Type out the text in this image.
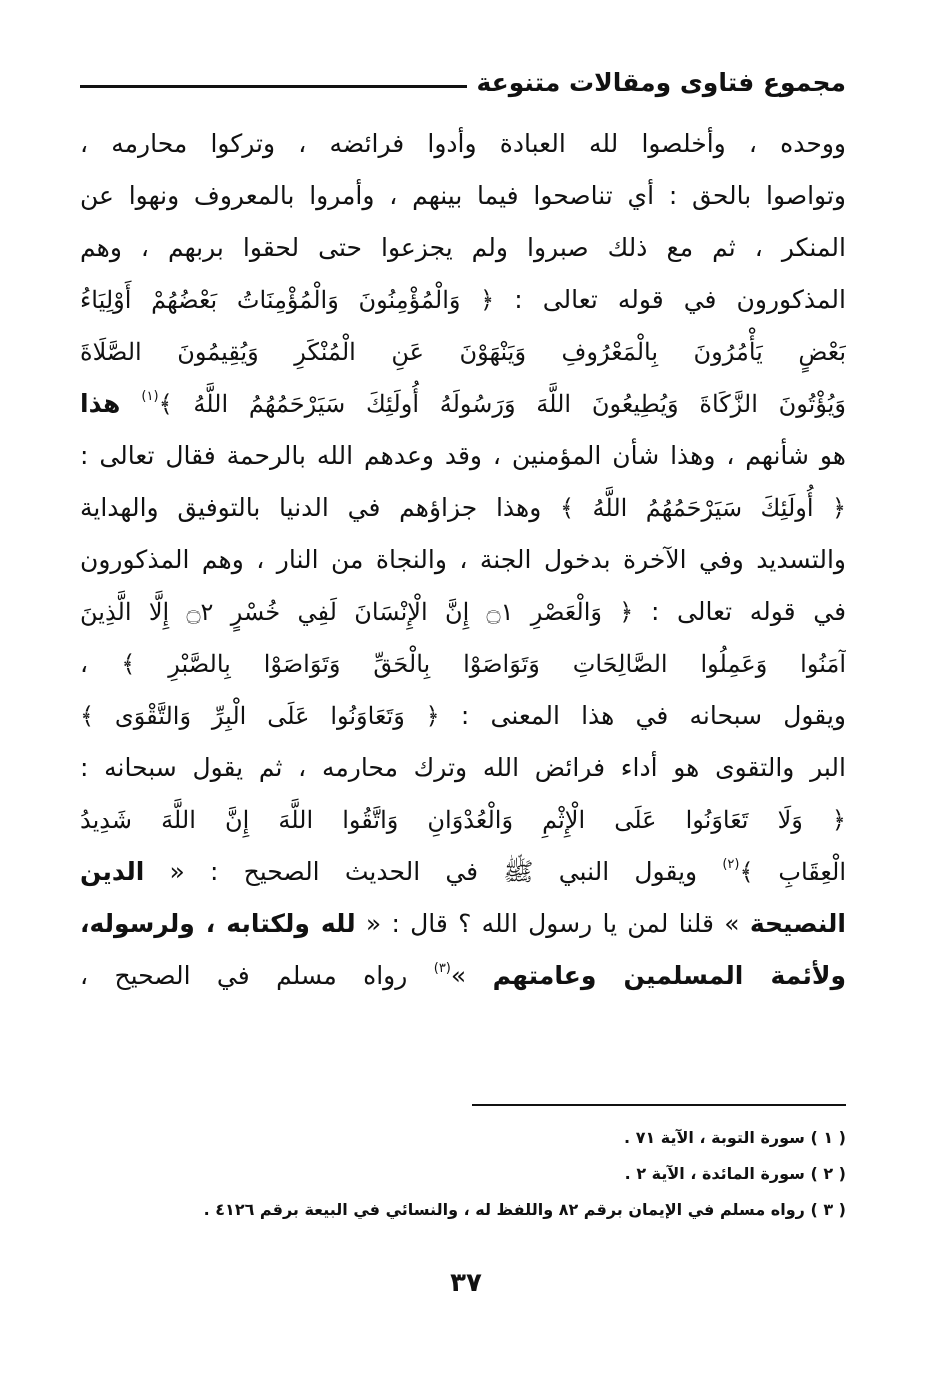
مجموع فتاوى ومقالات متنوعة
ووحده ، وأخلصوا لله العبادة وأدوا فرائضه ، وتركوا محارمه ،
وتواصوا بالحق : أي تناصحوا فيما بينهم ، وأمروا بالمعروف ونهوا عن
المنكر ، ثم مع ذلك صبروا ولم يجزعوا حتى لحقوا بربهم ، وهم
المذكورون في قوله تعالى : ﴿ وَالْمُؤْمِنُونَ وَالْمُؤْمِنَاتُ بَعْضُهُمْ أَوْلِيَاءُ
بَعْضٍ يَأْمُرُونَ بِالْمَعْرُوفِ وَيَنْهَوْنَ عَنِ الْمُنْكَرِ وَيُقِيمُونَ الصَّلَاةَ
وَيُؤْتُونَ الزَّكَاةَ وَيُطِيعُونَ اللَّهَ وَرَسُولَهُ أُولَئِكَ سَيَرْحَمُهُمُ اللَّهُ ﴾$^{(١)}$ هذا
هو شأنهم ، وهذا شأن المؤمنين ، وقد وعدهم الله بالرحمة فقال تعالى :
﴿ أُولَئِكَ سَيَرْحَمُهُمُ اللَّهُ ﴾ وهذا جزاؤهم في الدنيا بالتوفيق والهداية
والتسديد وفي الآخرة بدخول الجنة ، والنجاة من النار ، وهم المذكورون
في قوله تعالى : ﴿ وَالْعَصْرِ ۝١ إِنَّ الْإِنْسَانَ لَفِي خُسْرٍ ۝٢ إِلَّا الَّذِينَ
آمَنُوا وَعَمِلُوا الصَّالِحَاتِ وَتَوَاصَوْا بِالْحَقِّ وَتَوَاصَوْا بِالصَّبْرِ ﴾ ،
ويقول سبحانه في هذا المعنى : ﴿ وَتَعَاوَنُوا عَلَى الْبِرِّ وَالتَّقْوَى ﴾
البر والتقوى هو أداء فرائض الله وترك محارمه ، ثم يقول سبحانه :
﴿ وَلَا تَعَاوَنُوا عَلَى الْإِثْمِ وَالْعُدْوَانِ وَاتَّقُوا اللَّهَ إِنَّ اللَّهَ شَدِيدُ
الْعِقَابِ ﴾$^{(٢)}$ ويقول النبي ﷺ في الحديث الصحيح : « الدين
النصيحة » قلنا لمن يا رسول الله ؟ قال : « لله ولكتابه ، ولرسوله،
ولأئمة المسلمين وعامتهم »$^{(٣)}$ رواه مسلم في الصحيح ،
( ١ ) سورة التوبة ، الآية ٧١ .
( ٢ ) سورة المائدة ، الآية ٢ .
( ٣ ) رواه مسلم في الإيمان برقم ٨٢ واللفظ له ، والنسائي في البيعة برقم ٤١٢٦ .
٣٧
